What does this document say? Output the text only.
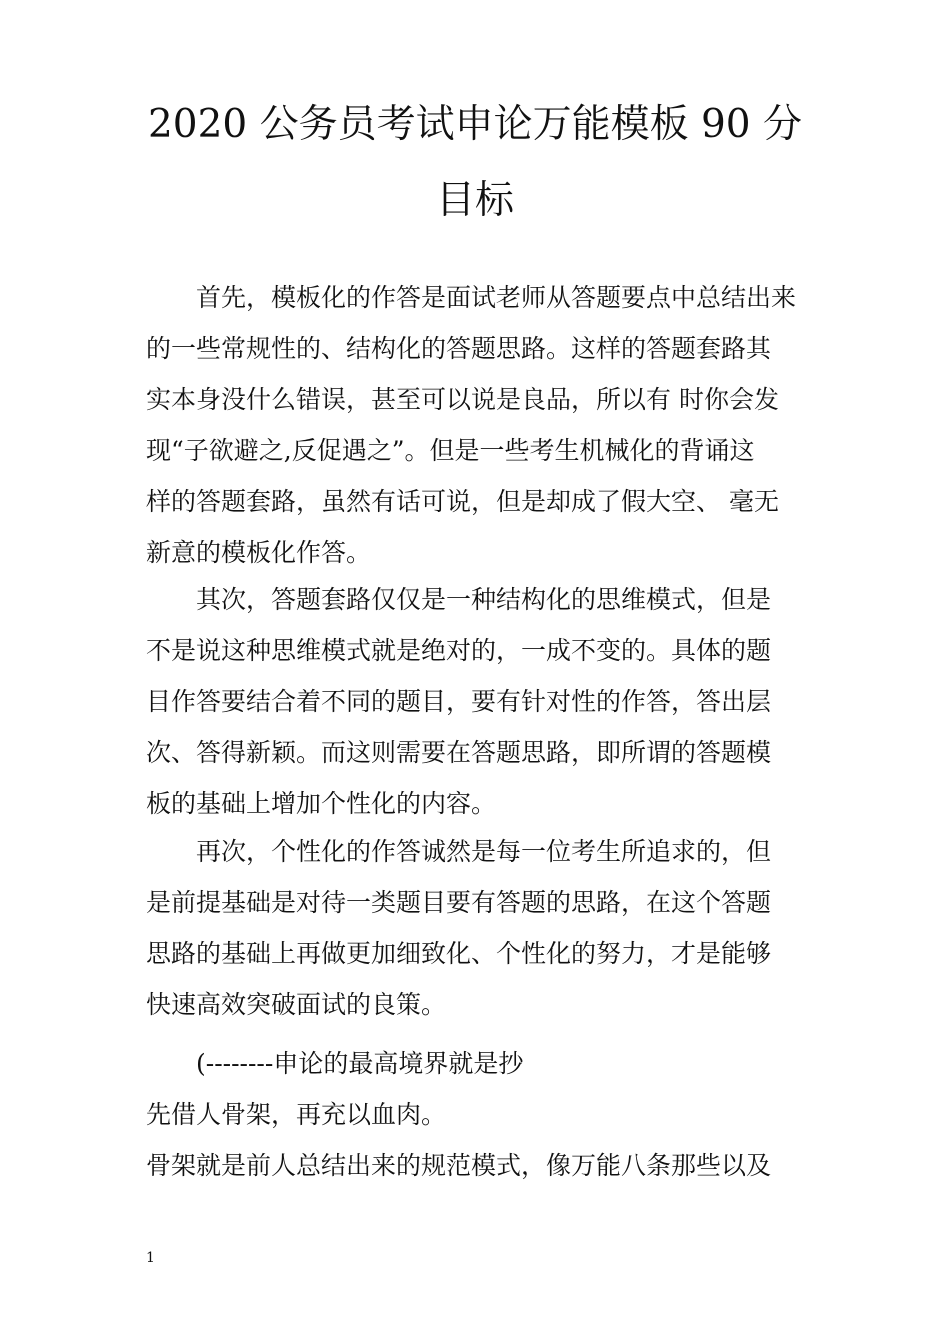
2020 公务员考试申论万能模板 90 分
目标
首先，模板化的作答是面试老师从答题要点中总结出来
的一些常规性的、结构化的答题思路。这样的答题套路其
实本身没什么错误，甚至可以说是良品，所以有 时你会发
现“子欲避之,反促遇之”。但是一些考生机械化的背诵这
样的答题套路，虽然有话可说，但是却成了假大空、 毫无
新意的模板化作答。
其次，答题套路仅仅是一种结构化的思维模式，但是
不是说这种思维模式就是绝对的，一成不变的。具体的题
目作答要结合着不同的题目，要有针对性的作答，答出层
次、答得新颖。而这则需要在答题思路，即所谓的答题模
板的基础上增加个性化的内容。
再次，个性化的作答诚然是每一位考生所追求的，但
是前提基础是对待一类题目要有答题的思路，在这个答题
思路的基础上再做更加细致化、个性化的努力，才是能够
快速高效突破面试的良策。
(--------申论的最高境界就是抄
先借人骨架，再充以血肉。
骨架就是前人总结出来的规范模式，像万能八条那些以及
1
